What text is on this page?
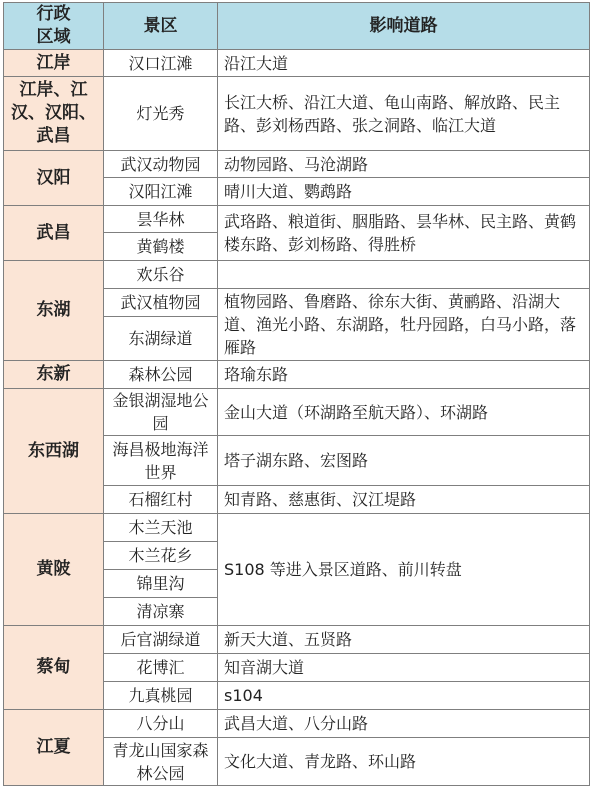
行政
区域	景区	影响道路
江岸	汉口江滩	沿江大道
江岸、江汉、汉阳、武昌	灯光秀	长江大桥、沿江大道、龟山南路、解放路、民主路、彭刘杨西路、张之洞路、临江大道
汉阳	武汉动物园	动物园路、马沧湖路
	汉阳江滩	晴川大道、鹦鹉路
武昌	昙华林	武珞路、粮道街、胭脂路、昙华林、民主路、黄鹤楼东路、彭刘杨路、得胜桥
	黄鹤楼	
东湖	欢乐谷	
	武汉植物园	植物园路、鲁磨路、徐东大街、黄鹂路、沿湖大道、渔光小路、东湖路，牡丹园路，白马小路，落雁路
	东湖绿道	
东新	森林公园	珞瑜东路
东西湖	金银湖湿地公园	金山大道（环湖路至航天路）、环湖路
	海昌极地海洋世界	塔子湖东路、宏图路
	石榴红村	知青路、慈惠街、汉江堤路
黄陂	木兰天池	S108 等进入景区道路、前川转盘
	木兰花乡	
	锦里沟	
	清凉寨	
蔡甸	后官湖绿道	新天大道、五贤路
	花博汇	知音湖大道
	九真桃园	s104
江夏	八分山	武昌大道、八分山路
	青龙山国家森林公园	文化大道、青龙路、环山路
